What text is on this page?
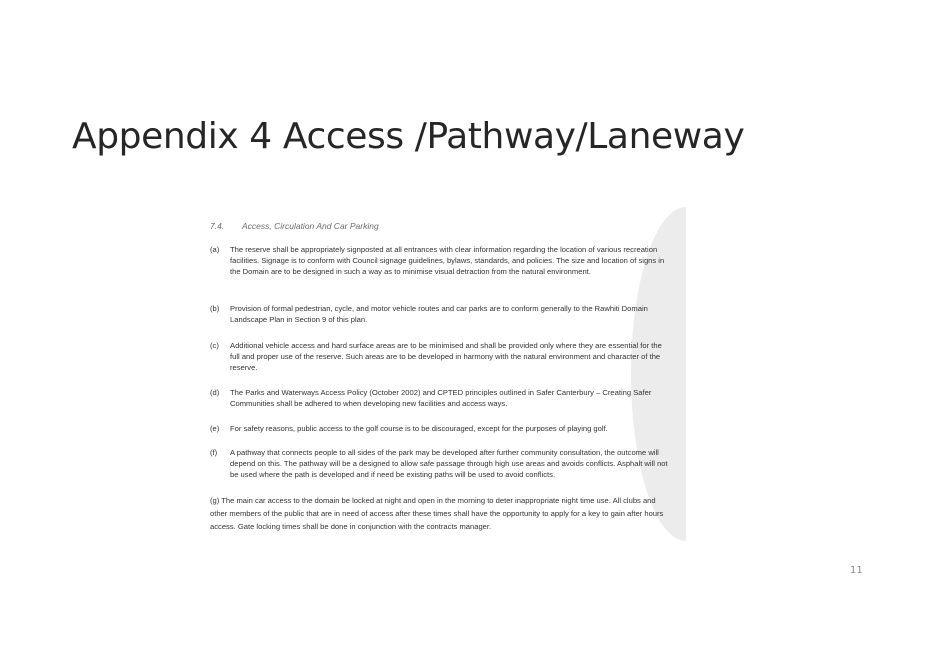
Appendix 4 Access /Pathway/Laneway
7.4. Access, Circulation And Car Parking
(a) The reserve shall be appropriately signposted at all entrances with clear information regarding the location of various recreation facilities. Signage is to conform with Council signage guidelines, bylaws, standards, and policies. The size and location of signs in the Domain are to be designed in such a way as to minimise visual detraction from the natural environment.
(b) Provision of formal pedestrian, cycle, and motor vehicle routes and car parks are to conform generally to the Rawhiti Domain Landscape Plan in Section 9 of this plan.
(c) Additional vehicle access and hard surface areas are to be minimised and shall be provided only where they are essential for the full and proper use of the reserve. Such areas are to be developed in harmony with the natural environment and character of the reserve.
(d) The Parks and Waterways Access Policy (October 2002) and CPTED principles outlined in Safer Canterbury – Creating Safer Communities shall be adhered to when developing new facilities and access ways.
(e) For safety reasons, public access to the golf course is to be discouraged, except for the purposes of playing golf.
(f) A pathway that connects people to all sides of the park may be developed after further community consultation, the outcome will depend on this. The pathway will be a designed to allow safe passage through high use areas and avoids conflicts. Asphalt will not be used where the path is developed and if need be existing paths will be used to avoid conflicts.
(g) The main car access to the domain be locked at night and open in the morning to deter inappropriate night time use. All clubs and other members of the public that are in need of access after these times shall have the opportunity to apply for a key to gain after hours access. Gate locking times shall be done in conjunction with the contracts manager.
11
